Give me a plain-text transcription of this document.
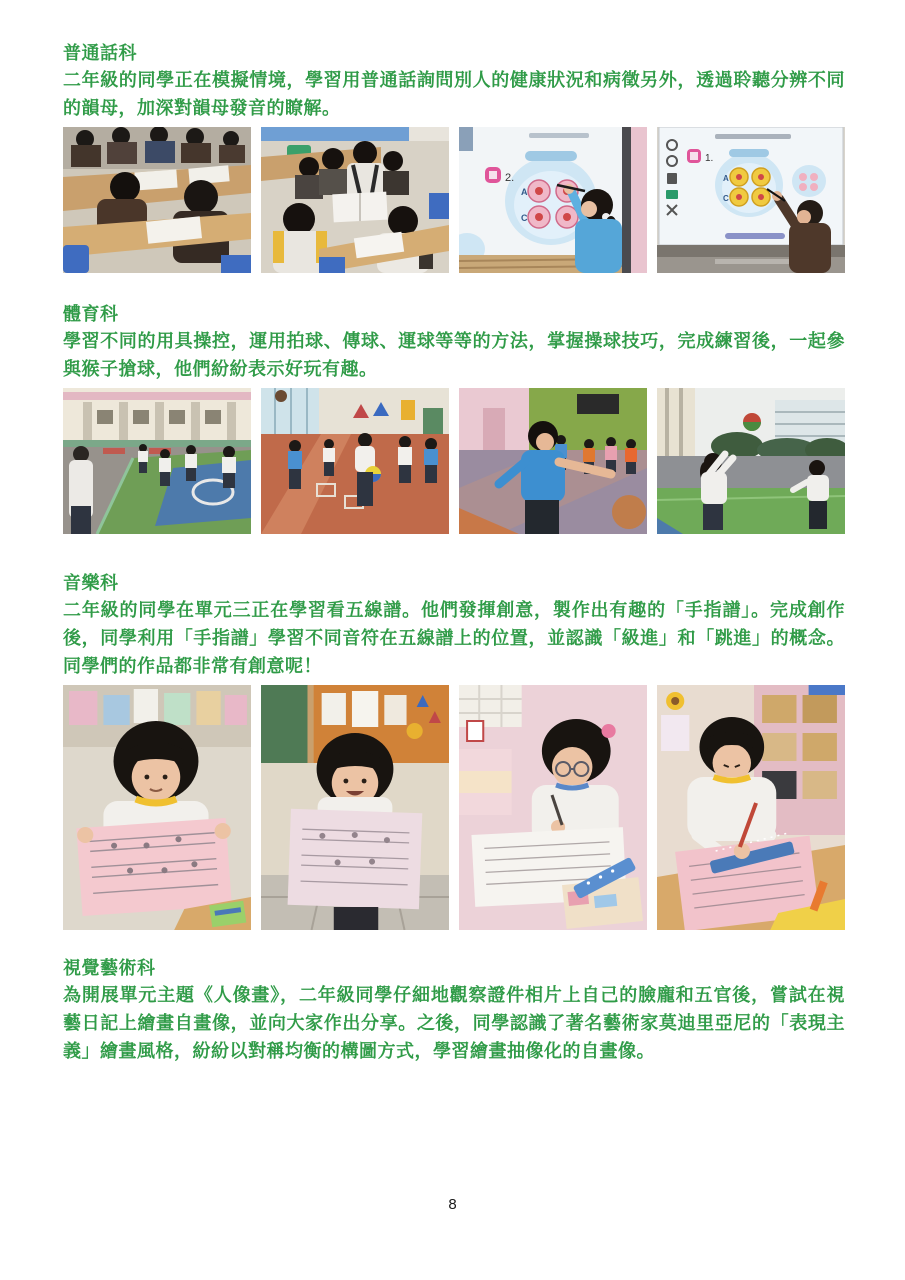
普通話科

二年級的同學正在模擬情境，學習用普通話詢問別人的健康狀況和病徵另外，透過聆聽分辨不同的韻母，加深對韻母發音的瞭解。

A
C
2.
1.
A
C
體育科

學習不同的用具操控，運用拍球、傳球、運球等等的方法，掌握操球技巧，完成練習後，一起參與猴子搶球，他們紛紛表示好玩有趣。

音樂科

二年級的同學在單元三正在學習看五線譜。他們發揮創意，製作出有趣的「手指譜」。完成創作後，同學利用「手指譜」學習不同音符在五線譜上的位置，並認識「級進」和「跳進」的概念。同學們的作品都非常有創意呢！

視覺藝術科

為開展單元主題《人像畫》，二年級同學仔細地觀察證件相片上自己的臉龐和五官後，嘗試在視藝日記上繪畫自畫像，並向大家作出分享。之後，同學認識了著名藝術家莫迪里亞尼的「表現主義」繪畫風格，紛紛以對稱均衡的構圖方式，學習繪畫抽像化的自畫像。

8
